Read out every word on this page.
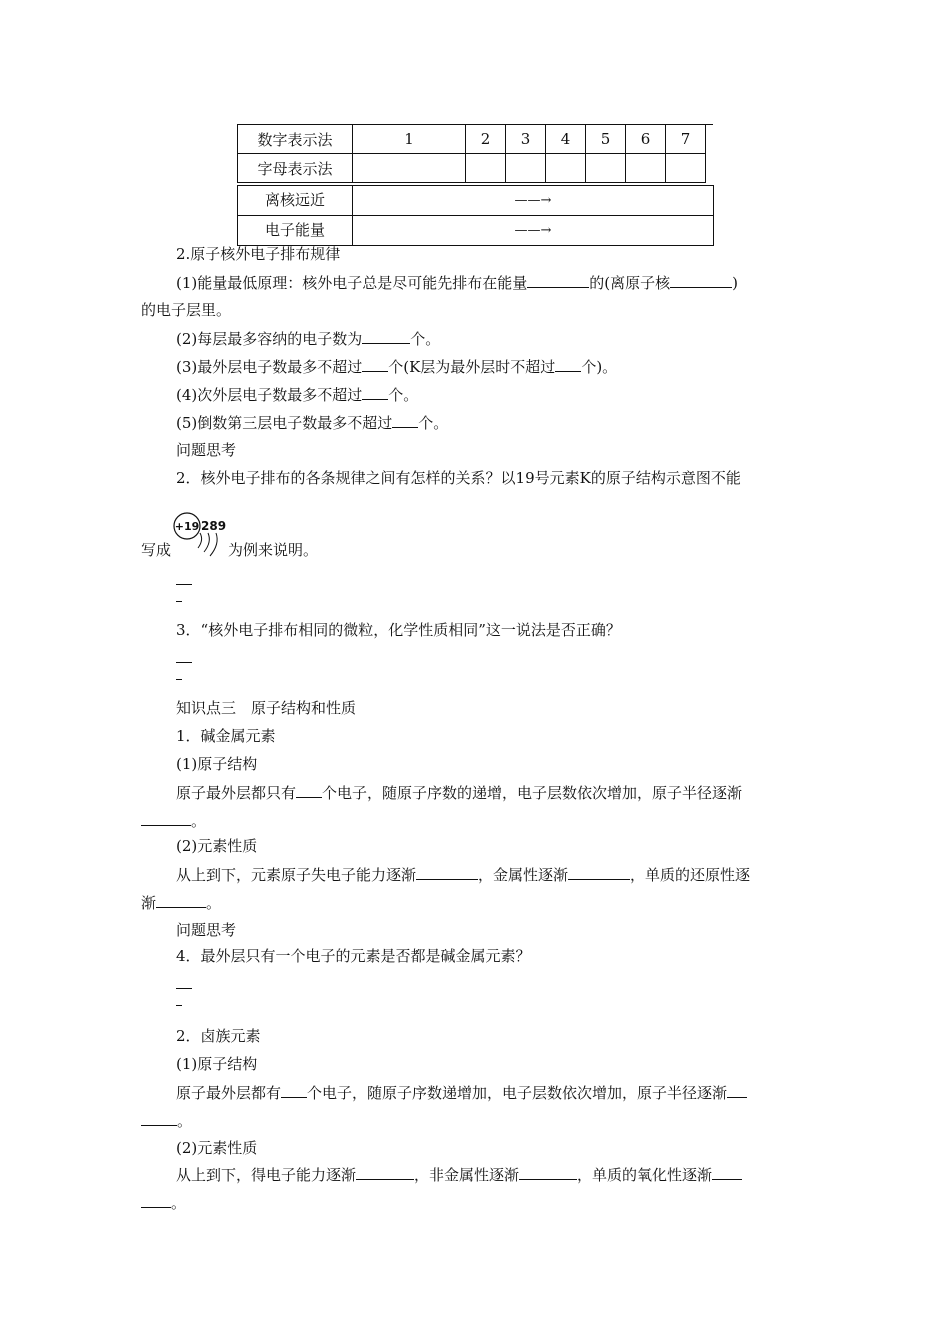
数字表示法	1	2	3	4	5	6	7
字母表示法							
离核远近	——→
电子能量	——→
2.原子核外电子排布规律
(1)能量最低原理：核外电子总是尽可能先排布在能量	的(离原子核	)
的电子层里。
(2)每层最多容纳的电子数为	个。
(3)最外层电子数最多不超过 个(K层为最外层时不超过 个)。
(4)次外层电子数最多不超过 个。
(5)倒数第三层电子数最多不超过 个。
问题思考
2．核外电子排布的各条规律之间有怎样的关系？以19号元素K的原子结构示意图不能
+19 289
写成	为例来说明。
3．“核外电子排布相同的微粒，化学性质相同”这一说法是否正确？
知识点三　原子结构和性质
1．碱金属元素
(1)原子结构
原子最外层都只有 个电子，随原子序数的递增，电子层数依次增加，原子半径逐渐
。
(2)元素性质
从上到下，元素原子失电子能力逐渐	，金属性逐渐	，单质的还原性逐
渐	。
问题思考
4．最外层只有一个电子的元素是否都是碱金属元素？
2．卤族元素
(1)原子结构
原子最外层都有 个电子，随原子序数递增加，电子层数依次增加，原子半径逐渐
。
(2)元素性质
从上到下，得电子能力逐渐	，非金属性逐渐	，单质的氧化性逐渐
。
